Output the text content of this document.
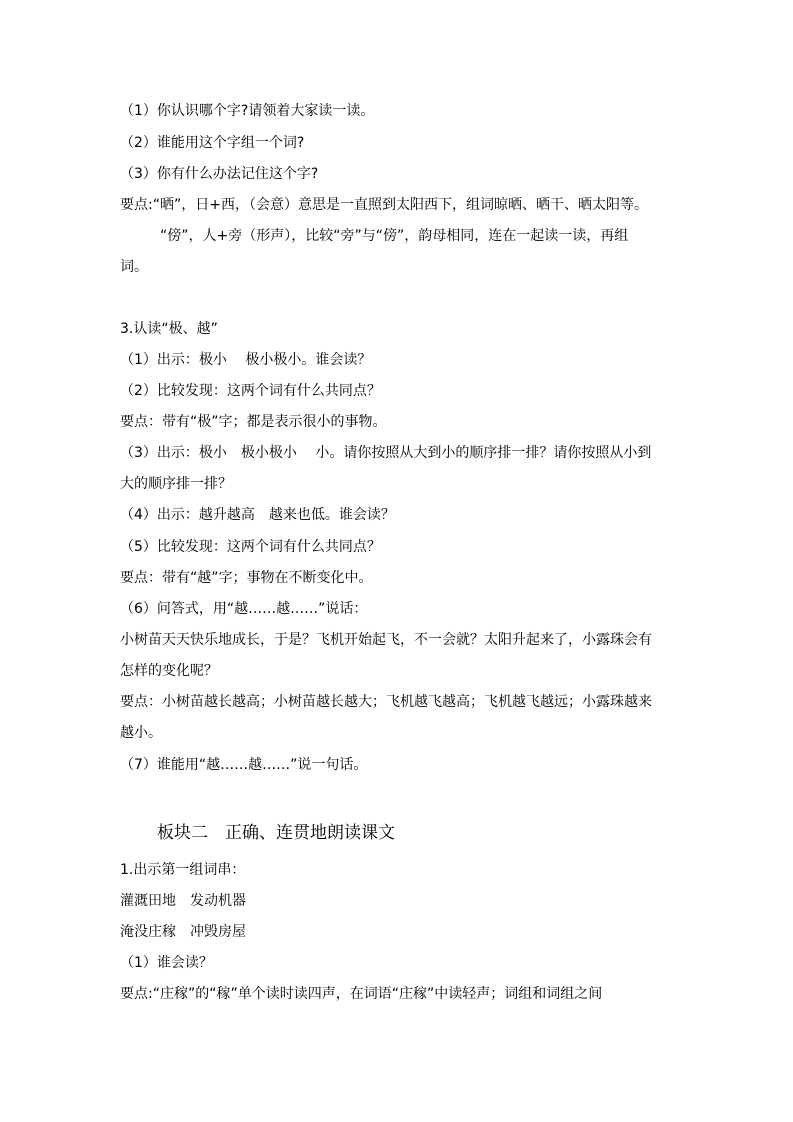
（1）你认识哪个字?请领着大家读一读。
（2）谁能用这个字组一个词?
（3）你有什么办法记住这个字?
要点:“晒”，日+西，（会意）意思是一直照到太阳西下，组词晾晒、晒干、晒太阳等。
“傍”，人+旁（形声），比较“旁”与“傍”，韵母相同，连在一起读一读，再组
词。
3.认读“极、越”
（1）出示：极小　 极小极小。谁会读？
（2）比较发现：这两个词有什么共同点？
要点：带有“极”字；都是表示很小的事物。
（3）出示：极小　极小极小　 小。请你按照从大到小的顺序排一排？请你按照从小到
大的顺序排一排？
（4）出示：越升越高　越来也低。谁会读？
（5）比较发现：这两个词有什么共同点？
要点：带有“越”字；事物在不断变化中。
（6）问答式，用“越……越……”说话：
小树苗天天快乐地成长，于是？飞机开始起飞，不一会就？太阳升起来了，小露珠会有
怎样的变化呢？
要点：小树苗越长越高；小树苗越长越大；飞机越飞越高；飞机越飞越远；小露珠越来
越小。
（7）谁能用“越……越……”说一句话。
板块二　正确、连贯地朗读课文
1.出示第一组词串：
灌溉田地　发动机器
淹没庄稼　冲毁房屋
（1）谁会读？
要点:“庄稼”的“稼”单个读时读四声，在词语“庄稼”中读轻声；词组和词组之间
